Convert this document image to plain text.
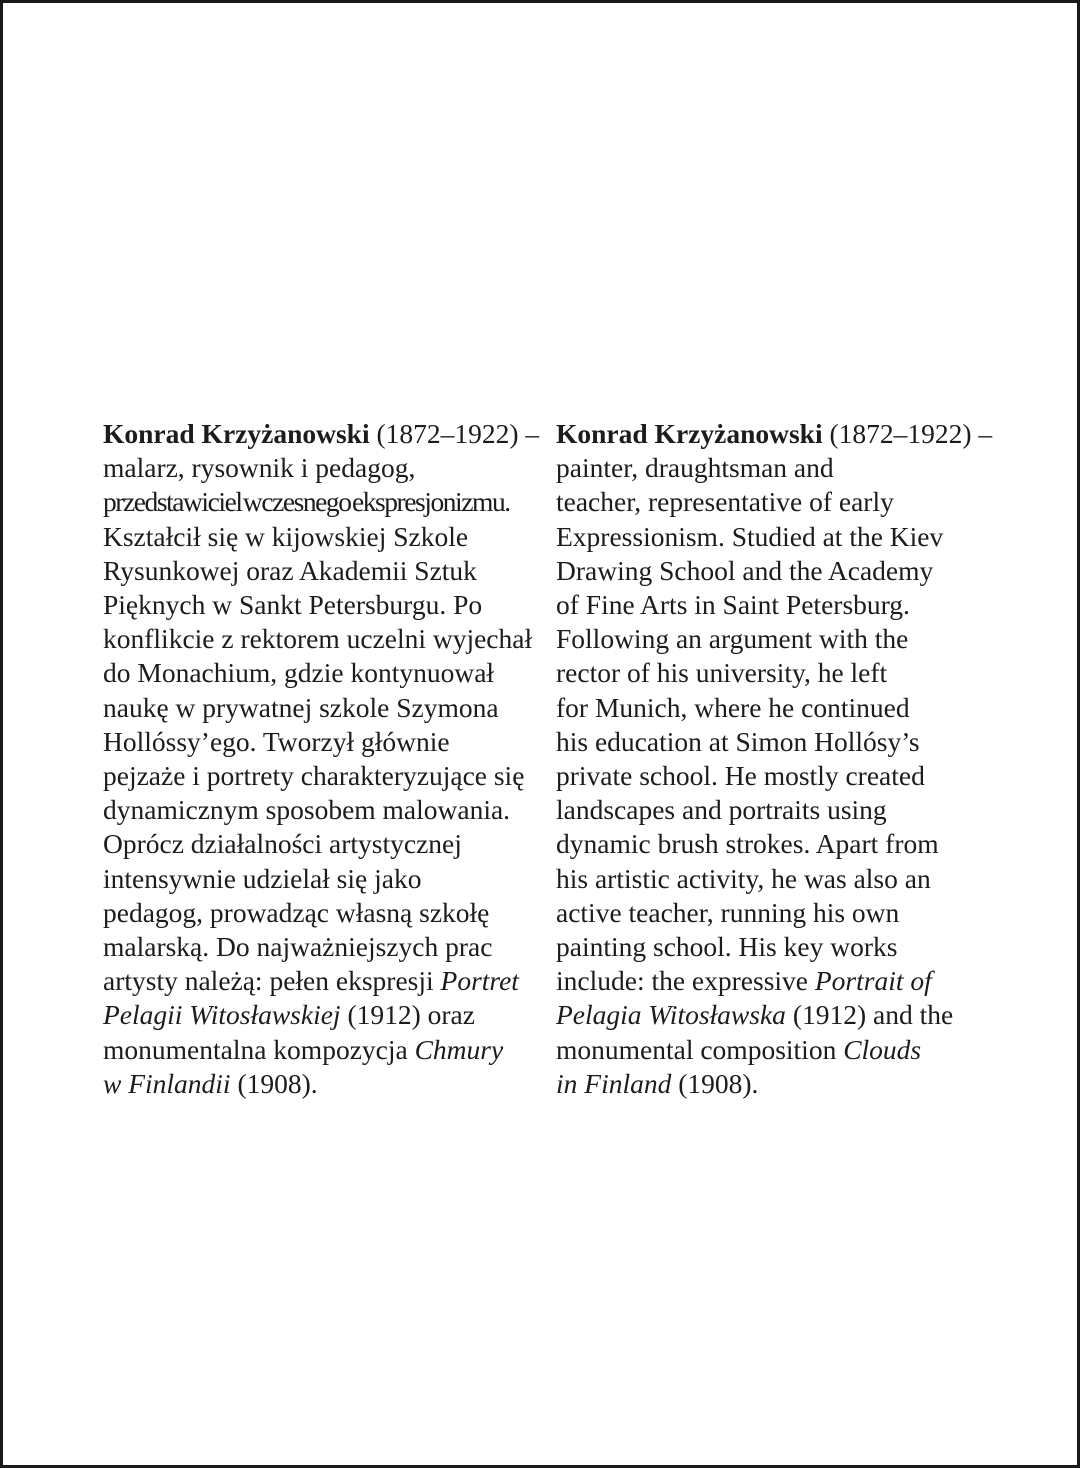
Konrad Krzyżanowski (1872–1922) –
malarz, rysownik i pedagog,
przedstawiciel wczesnego ekspresjonizmu.
Kształcił się w kijowskiej Szkole
Rysunkowej oraz Akademii Sztuk
Pięknych w Sankt Petersburgu. Po
konflikcie z rektorem uczelni wyjechał
do Monachium, gdzie kontynuował
naukę w prywatnej szkole Szymona
Hollóssy’ego. Tworzył głównie
pejzaże i portrety charakteryzujące się
dynamicznym sposobem malowania.
Oprócz działalności artystycznej
intensywnie udzielał się jako
pedagog, prowadząc własną szkołę
malarską. Do najważniejszych prac
artysty należą: pełen ekspresji Portret
Pelagii Witosławskiej (1912) oraz
monumentalna kompozycja Chmury
w Finlandii (1908).
Konrad Krzyżanowski (1872–1922) –
painter, draughtsman and
teacher, representative of early
Expressionism. Studied at the Kiev
Drawing School and the Academy
of Fine Arts in Saint Petersburg.
Following an argument with the
rector of his university, he left
for Munich, where he continued
his education at Simon Hollósy’s
private school. He mostly created
landscapes and portraits using
dynamic brush strokes. Apart from
his artistic activity, he was also an
active teacher, running his own
painting school. His key works
include: the expressive Portrait of
Pelagia Witosławska (1912) and the
monumental composition Clouds
in Finland (1908).
